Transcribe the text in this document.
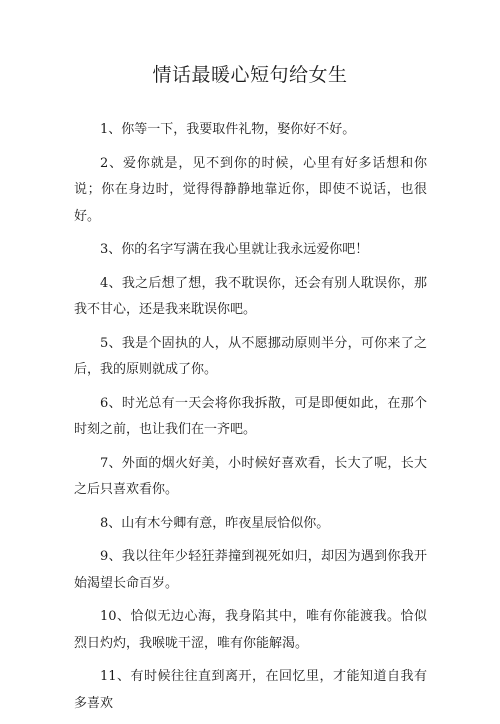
情话最暖心短句给女生

1、你等一下，我要取件礼物，娶你好不好。

2、爱你就是，见不到你的时候，心里有好多话想和你说；你在身边时，觉得得静静地靠近你，即使不说话，也很好。

3、你的名字写满在我心里就让我永远爱你吧！

4、我之后想了想，我不耽误你，还会有别人耽误你，那我不甘心，还是我来耽误你吧。

5、我是个固执的人，从不愿挪动原则半分，可你来了之后，我的原则就成了你。

6、时光总有一天会将你我拆散，可是即便如此，在那个时刻之前，也让我们在一齐吧。

7、外面的烟火好美，小时候好喜欢看，长大了呢，长大之后只喜欢看你。

8、山有木兮卿有意，昨夜星辰恰似你。

9、我以往年少轻狂莽撞到视死如归，却因为遇到你我开始渴望长命百岁。

10、恰似无边心海，我身陷其中，唯有你能渡我。恰似烈日灼灼，我喉咙干涩，唯有你能解渴。

11、有时候往往直到离开，在回忆里，才能知道自我有多喜欢
